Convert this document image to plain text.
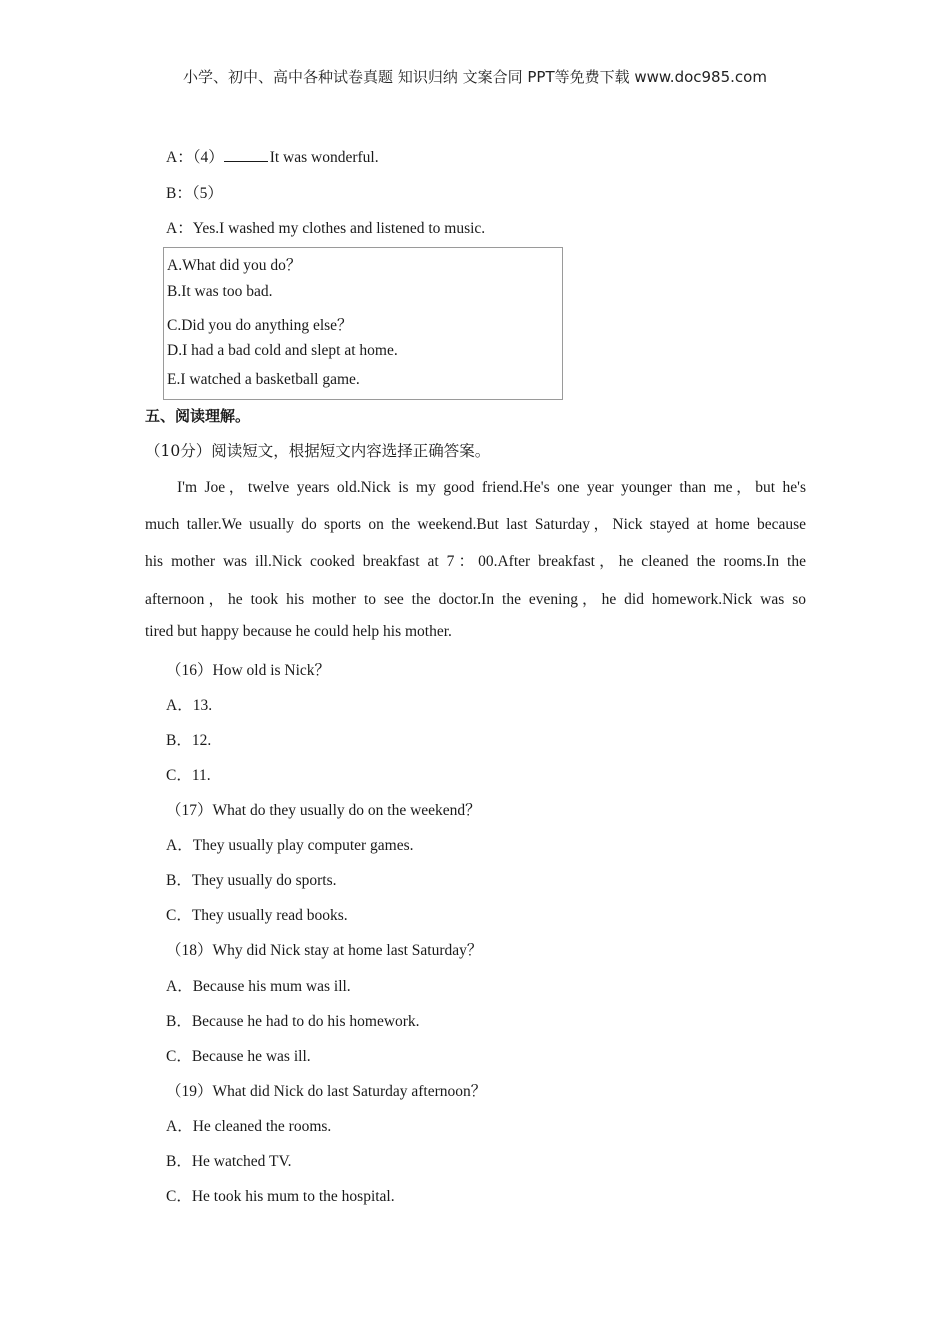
小学、初中、高中各种试卷真题 知识归纳 文案合同 PPT等免费下载 www.doc985.com
A：（4）	It was wonderful.
B：（5）
A：Yes.I washed my clothes and listened to music.
A.What did you do？
B.It was too bad.
C.Did you do anything else？
D.I had a bad cold and slept at home.
E.I watched a basketball game.
五、阅读理解。
（10分）阅读短文，根据短文内容选择正确答案。
I'm Joe，twelve years old.Nick is my good friend.He's one year younger than me，but he's
much taller.We usually do sports on the weekend.But last Saturday，Nick stayed at home because
his mother was ill.Nick cooked breakfast at 7：00.After breakfast，he cleaned the rooms.In the
afternoon，he took his mother to see the doctor.In the evening，he did homework.Nick was so
tired but happy because he could help his mother.
（16）How old is Nick？
A．13.
B．12.
C．11.
（17）What do they usually do on the weekend？
A．They usually play computer games.
B．They usually do sports.
C．They usually read books.
（18）Why did Nick stay at home last Saturday？
A．Because his mum was ill.
B．Because he had to do his homework.
C．Because he was ill.
（19）What did Nick do last Saturday afternoon？
A．He cleaned the rooms.
B．He watched TV.
C．He took his mum to the hospital.
